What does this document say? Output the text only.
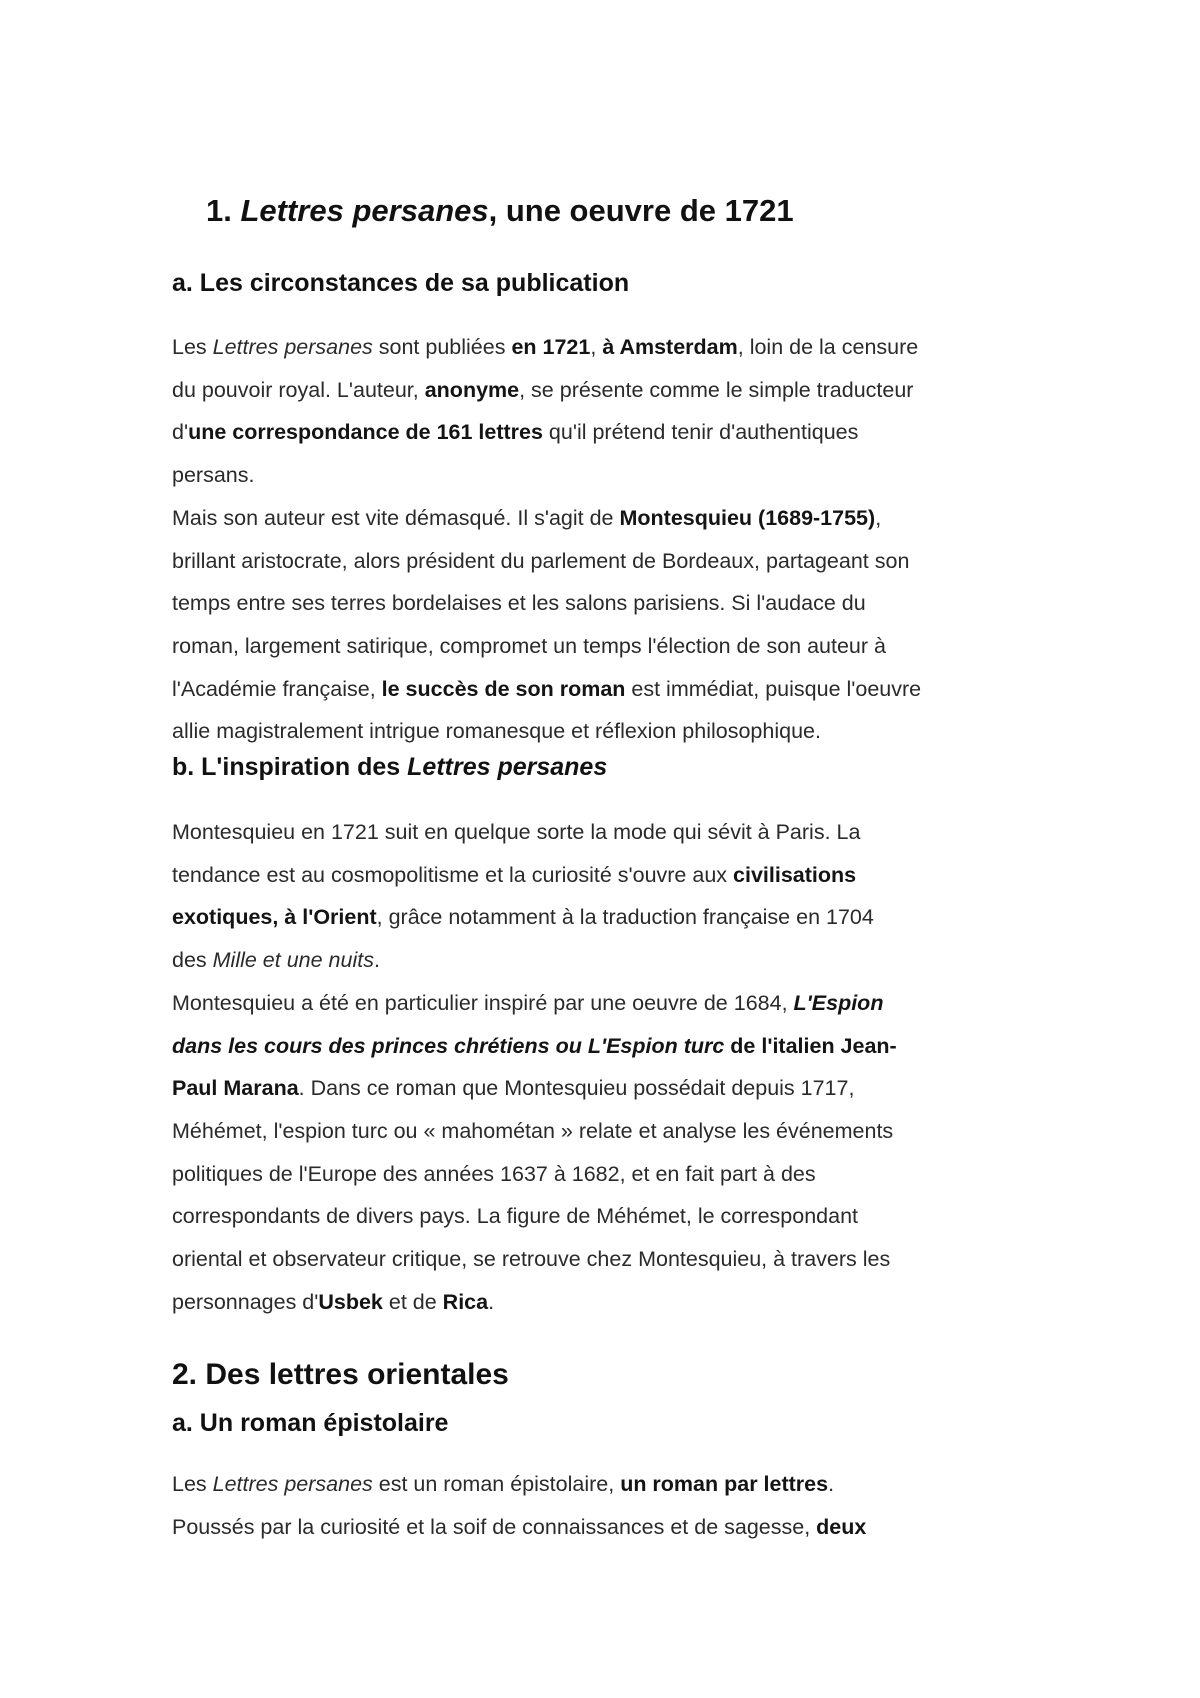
1. Lettres persanes, une oeuvre de 1721
a. Les circonstances de sa publication
Les Lettres persanes sont publiées en 1721, à Amsterdam, loin de la censure
du pouvoir royal. L'auteur, anonyme, se présente comme le simple traducteur
d'une correspondance de 161 lettres qu'il prétend tenir d'authentiques
persans.
Mais son auteur est vite démasqué. Il s'agit de Montesquieu (1689-1755),
brillant aristocrate, alors président du parlement de Bordeaux, partageant son
temps entre ses terres bordelaises et les salons parisiens. Si l'audace du
roman, largement satirique, compromet un temps l'élection de son auteur à
l'Académie française, le succès de son roman est immédiat, puisque l'oeuvre
allie magistralement intrigue romanesque et réflexion philosophique.
b. L'inspiration des Lettres persanes
Montesquieu en 1721 suit en quelque sorte la mode qui sévit à Paris. La
tendance est au cosmopolitisme et la curiosité s'ouvre aux civilisations
exotiques, à l'Orient, grâce notamment à la traduction française en 1704
des Mille et une nuits.
Montesquieu a été en particulier inspiré par une oeuvre de 1684, L'Espion
dans les cours des princes chrétiens ou L'Espion turc de l'italien Jean-
Paul Marana. Dans ce roman que Montesquieu possédait depuis 1717,
Méhémet, l'espion turc ou « mahométan » relate et analyse les événements
politiques de l'Europe des années 1637 à 1682, et en fait part à des
correspondants de divers pays. La figure de Méhémet, le correspondant
oriental et observateur critique, se retrouve chez Montesquieu, à travers les
personnages d'Usbek et de Rica.
2. Des lettres orientales
a. Un roman épistolaire
Les Lettres persanes est un roman épistolaire, un roman par lettres.
Poussés par la curiosité et la soif de connaissances et de sagesse, deux
